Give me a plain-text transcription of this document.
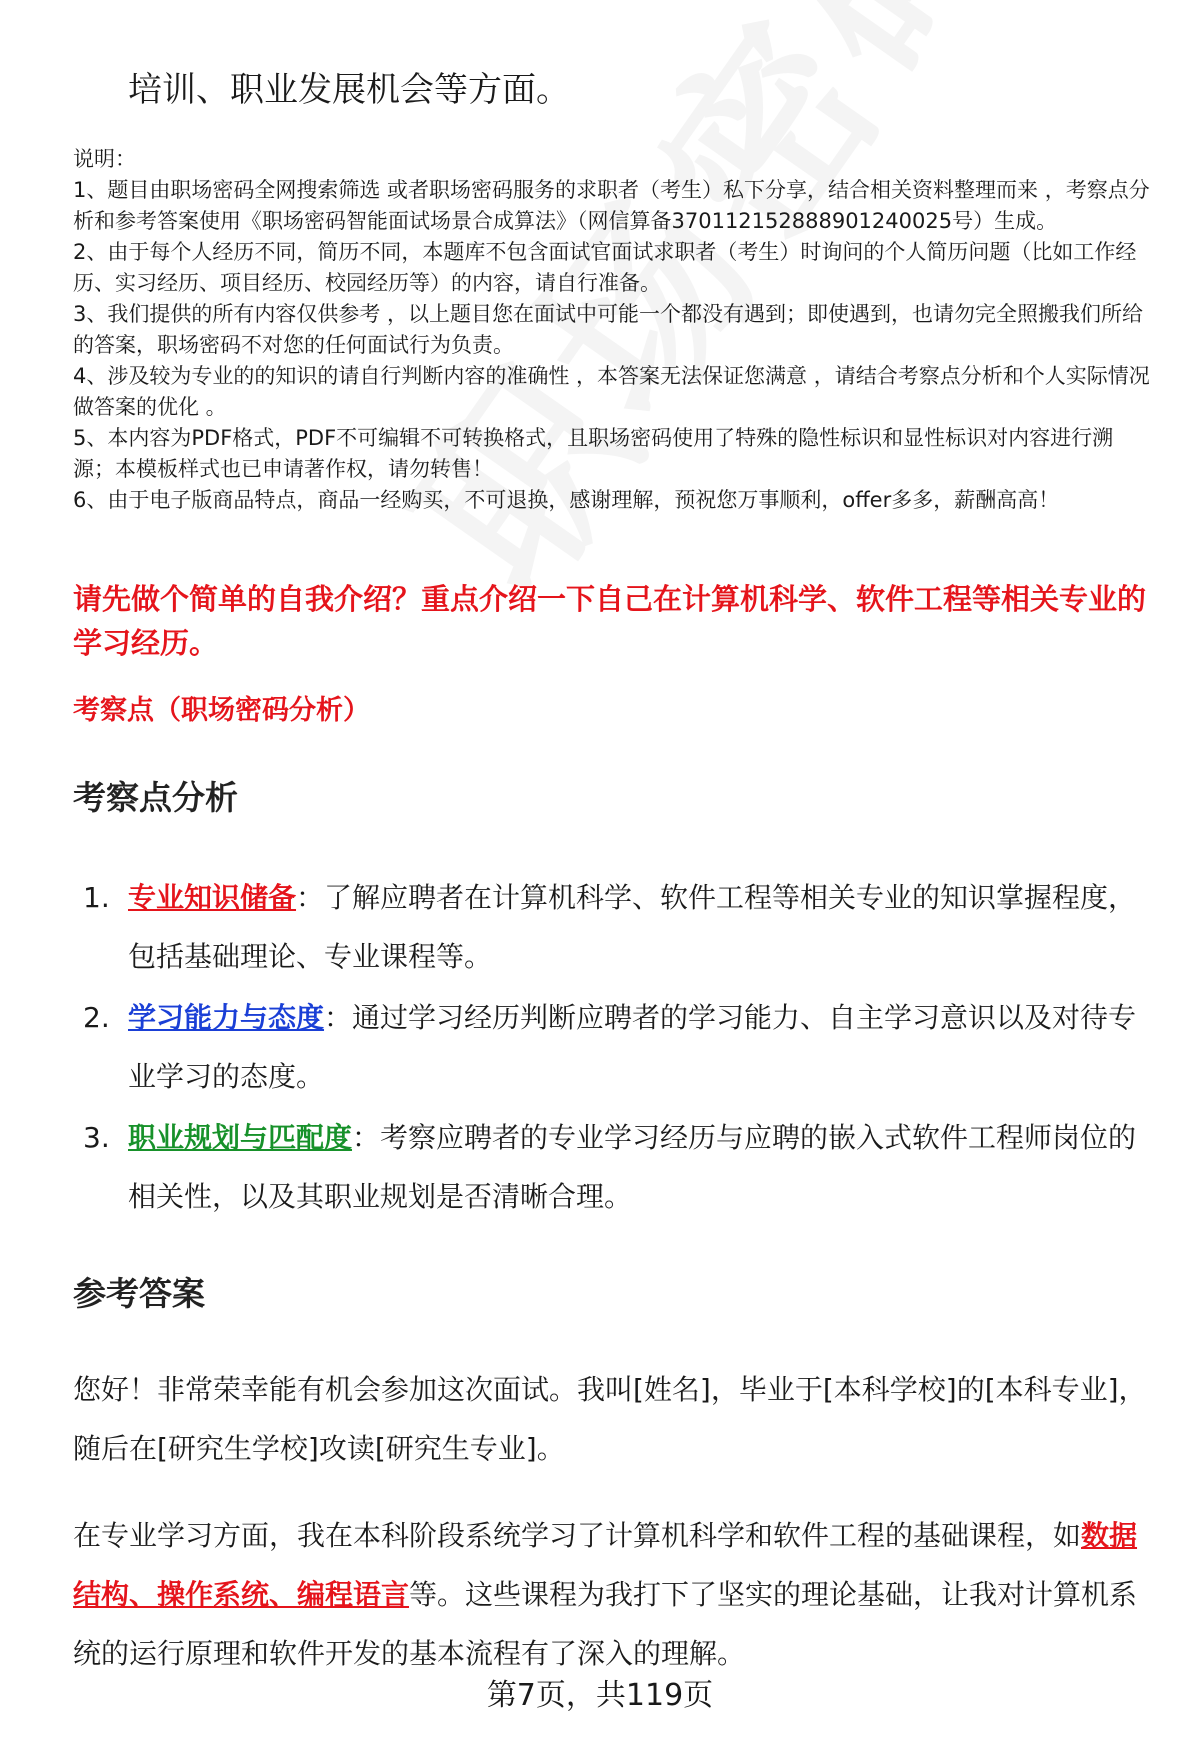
培训、职业发展机会等方面。
说明：
1、题目由职场密码全网搜索筛选 或者职场密码服务的求职者（考生）私下分享，结合相关资料整理而来 ，考察点分析和参考答案使用《职场密码智能面试场景合成算法》（网信算备370112152888901240025号）生成。
2、由于每个人经历不同，简历不同，本题库不包含面试官面试求职者（考生）时询问的个人简历问题（比如工作经历、实习经历、项目经历、校园经历等）的内容，请自行准备。
3、我们提供的所有内容仅供参考 ，以上题目您在面试中可能一个都没有遇到；即使遇到，也请勿完全照搬我们所给的答案，职场密码不对您的任何面试行为负责。
4、涉及较为专业的的知识的请自行判断内容的准确性 ，本答案无法保证您满意 ，请结合考察点分析和个人实际情况做答案的优化 。
5、本内容为PDF格式，PDF不可编辑不可转换格式，且职场密码使用了特殊的隐性标识和显性标识对内容进行溯源；本模板样式也已申请著作权，请勿转售！
6、由于电子版商品特点，商品一经购买，不可退换，感谢理解，预祝您万事顺利，offer多多，薪酬高高！
请先做个简单的自我介绍？重点介绍一下自己在计算机科学、软件工程等相关专业的学习经历。
考察点（职场密码分析）
考察点分析
1. 专业知识储备：了解应聘者在计算机科学、软件工程等相关专业的知识掌握程度，包括基础理论、专业课程等。
2. 学习能力与态度：通过学习经历判断应聘者的学习能力、自主学习意识以及对待专业学习的态度。
3. 职业规划与匹配度：考察应聘者的专业学习经历与应聘的嵌入式软件工程师岗位的相关性，以及其职业规划是否清晰合理。
参考答案
您好！非常荣幸能有机会参加这次面试。我叫[姓名]，毕业于[本科学校]的[本科专业]，随后在[研究生学校]攻读[研究生专业]。
在专业学习方面，我在本科阶段系统学习了计算机科学和软件工程的基础课程，如数据结构、操作系统、编程语言等。这些课程为我打下了坚实的理论基础，让我对计算机系统的运行原理和软件开发的基本流程有了深入的理解。
第7页，共119页
